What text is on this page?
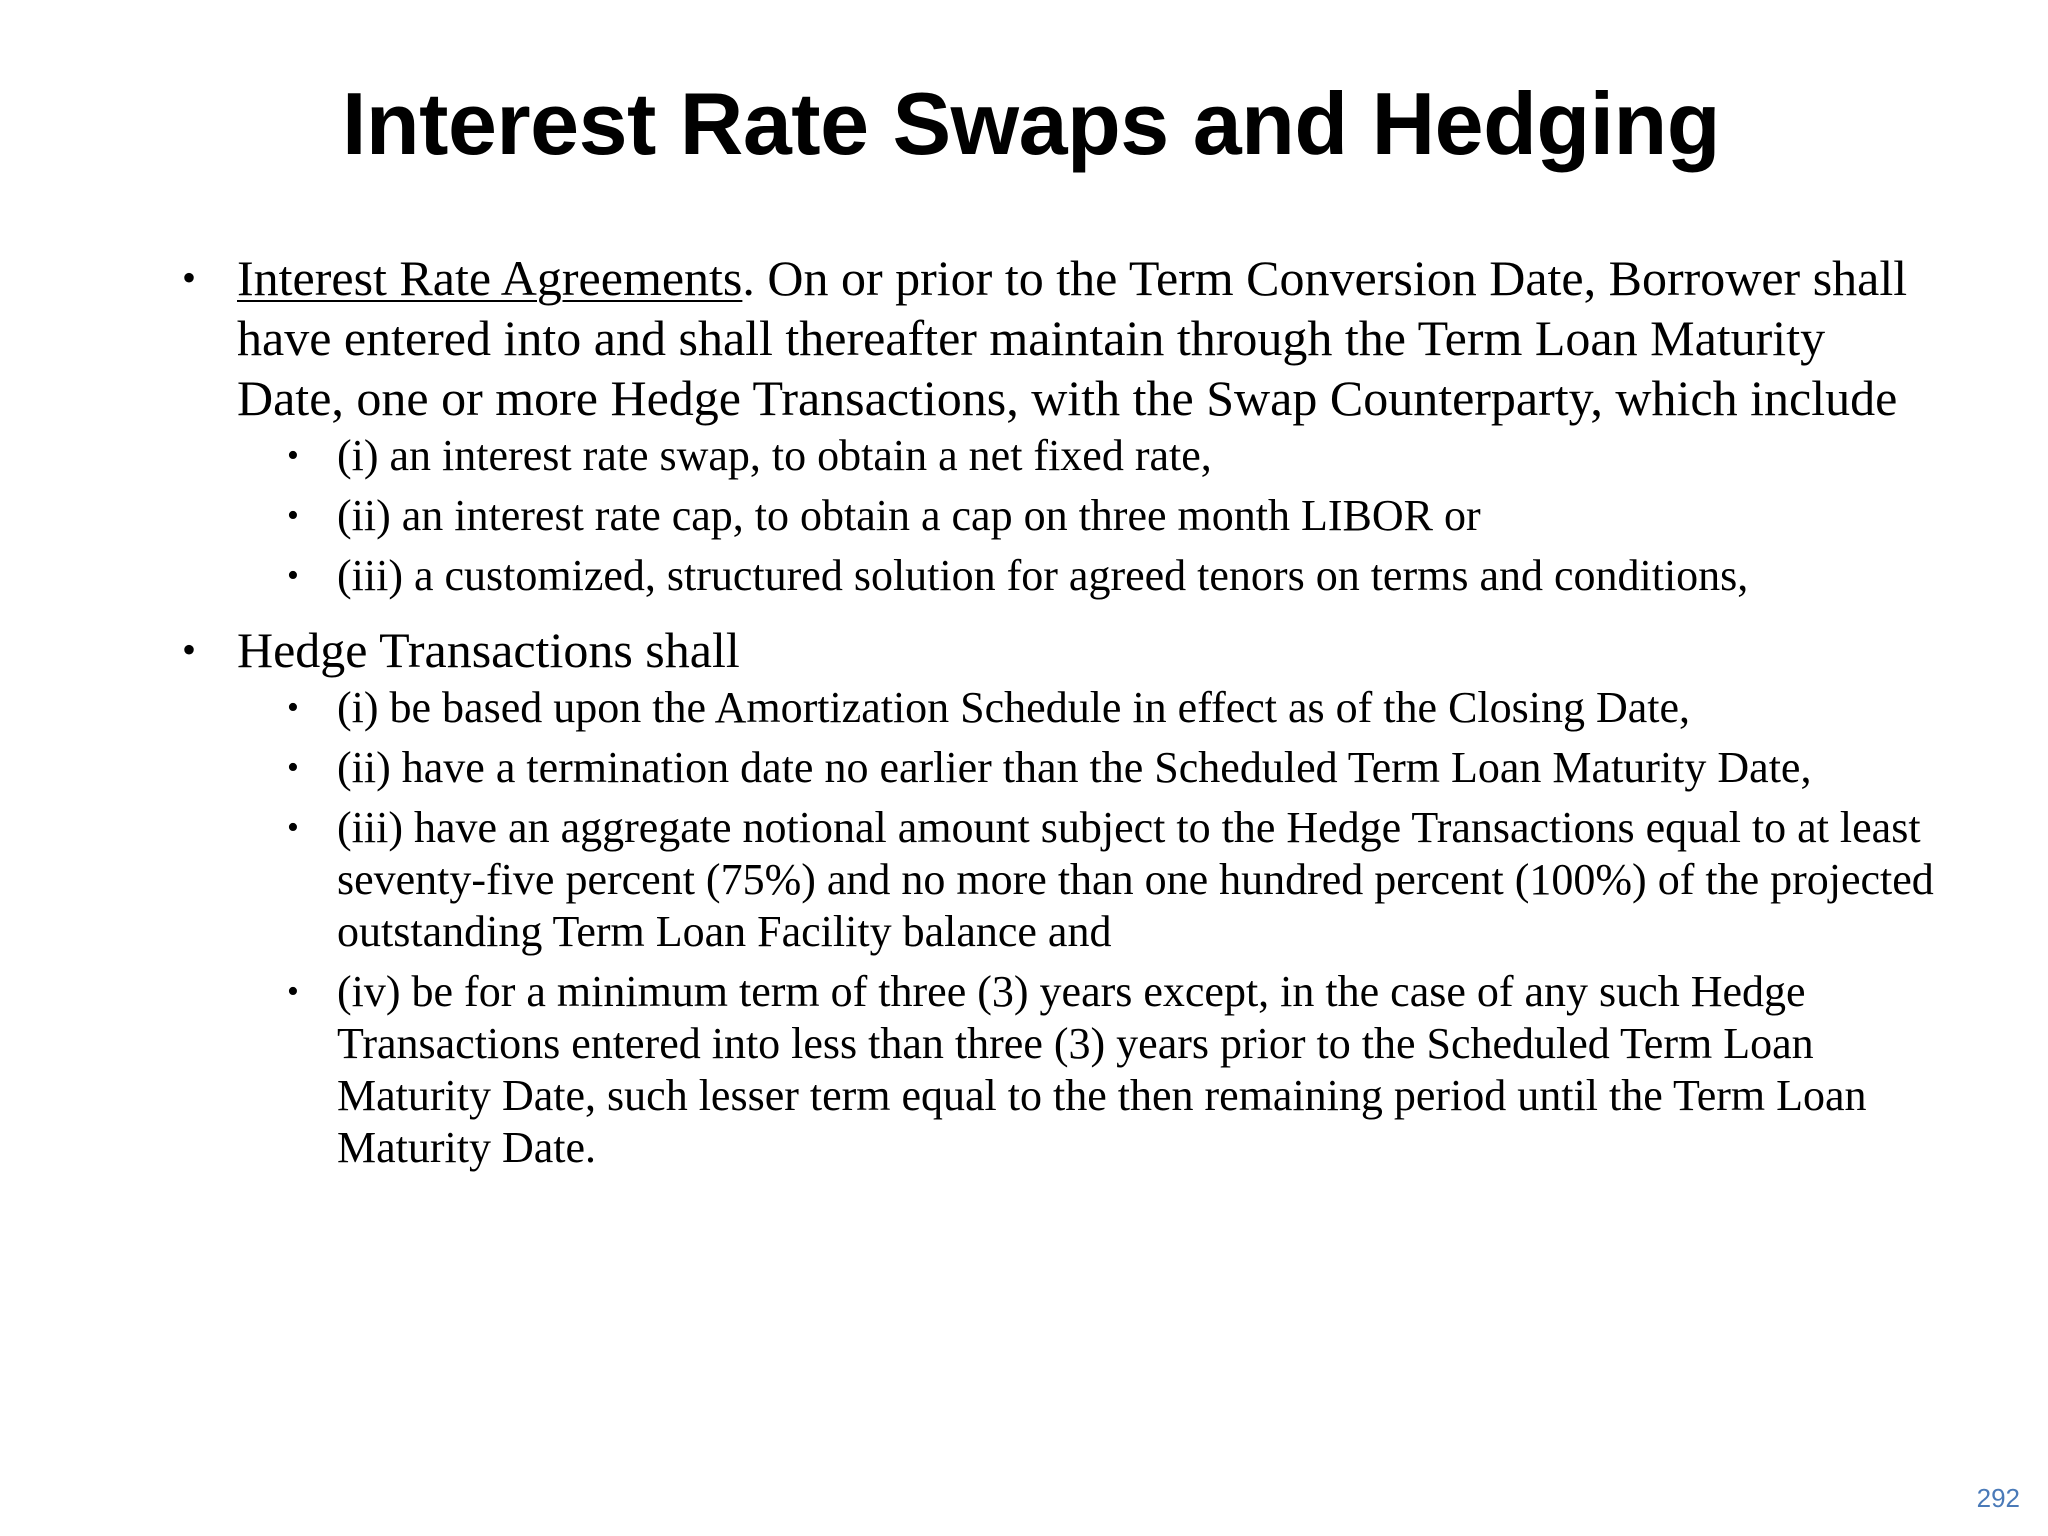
Interest Rate Swaps and Hedging
• Interest Rate Agreements. On or prior to the Term Conversion Date, Borrower shall have entered into and shall thereafter maintain through the Term Loan Maturity Date, one or more Hedge Transactions, with the Swap Counterparty, which include
• (i) an interest rate swap, to obtain a net fixed rate,
• (ii) an interest rate cap, to obtain a cap on three month LIBOR or
• (iii) a customized, structured solution for agreed tenors on terms and conditions,
• Hedge Transactions shall
• (i) be based upon the Amortization Schedule in effect as of the Closing Date,
• (ii) have a termination date no earlier than the Scheduled Term Loan Maturity Date,
• (iii) have an aggregate notional amount subject to the Hedge Transactions equal to at least seventy-five percent (75%) and no more than one hundred percent (100%) of the projected outstanding Term Loan Facility balance and
• (iv) be for a minimum term of three (3) years except, in the case of any such Hedge Transactions entered into less than three (3) years prior to the Scheduled Term Loan Maturity Date, such lesser term equal to the then remaining period until the Term Loan Maturity Date.
292
